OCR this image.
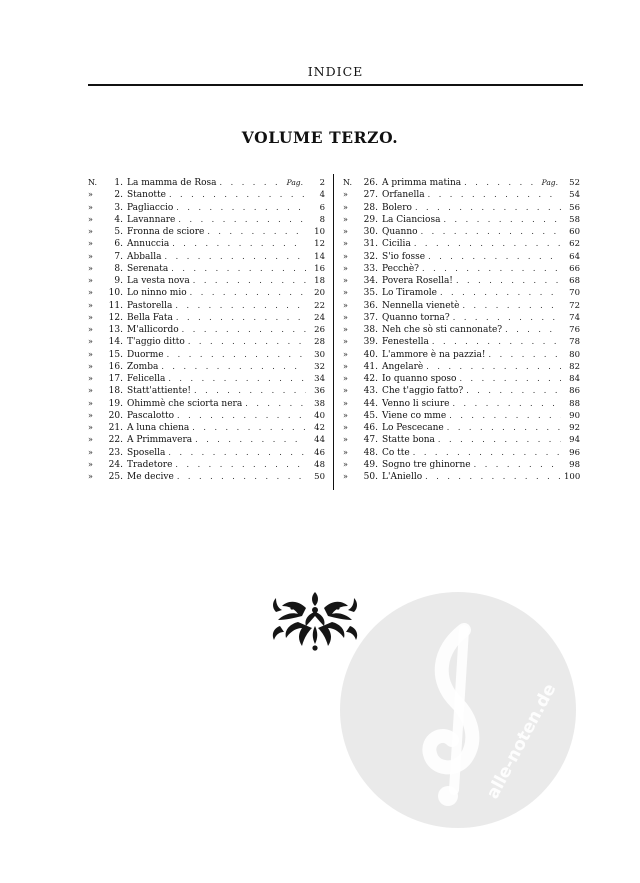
INDICE
VOLUME TERZO.
N.	1. La mamma de Rosa . . .	Pag.	2
»	2. Stanotte . . .	4
»	3. Pagliaccio . . .	6
»	4. Lavannare . . .	8
»	5. Fronna de sciore . . .	10
»	6. Annuccia . . .	12
»	7. Abballa . . .	14
»	8. Serenata . . .	16
»	9. La vesta nova . . .	18
»	10. Lo ninno mio . . .	20
»	11. Pastorella . . .	22
»	12. Bella Fata . . .	24
»	13. M'allicordo . . .	26
»	14. T'aggio ditto . . .	28
»	15. Duorme . . .	30
»	16. Zomba . . .	32
»	17. Felicella . . .	34
»	18. Statt'attiente! . . .	36
»	19. Ohimmè che sciorta nera . . .	38
»	20. Pascalotto . . .	40
»	21. A luna chiena . . .	42
»	22. A Primmavera . . .	44
»	23. Sposella . . .	46
»	24. Tradetore . . .	48
»	25. Me decive . . .	50
N.	26. A primma matina . . .	Pag.	52
»	27. Orfanella . . .	54
»	28. Bolero . . .	56
»	29. La Cianciosa . . .	58
»	30. Quanno . . .	60
»	31. Cicilia . . .	62
»	32. S'io fosse . . .	64
»	33. Pecchè? . . .	66
»	34. Povera Rosella! . . .	68
»	35. Lo Tiramole . . .	70
»	36. Nennella vienetè . . .	72
»	37. Quanno torna? . . .	74
»	38. Neh che sò sti cannonate? . . .	76
»	39. Fenestella . . .	78
»	40. L'ammore è na pazzia! . . .	80
»	41. Angelarè . . .	82
»	42. Io quanno sposo . . .	84
»	43. Che t'aggio fatto? . . .	86
»	44. Venno li sciure . . .	88
»	45. Viene co mme . . .	90
»	46. Lo Pescecane . . .	92
»	47. Statte bona . . .	94
»	48. Co tte . . .	96
»	49. Sogno tre ghinorne . . .	98
»	50. L'Aniello . . .	100
alle-noten.de
